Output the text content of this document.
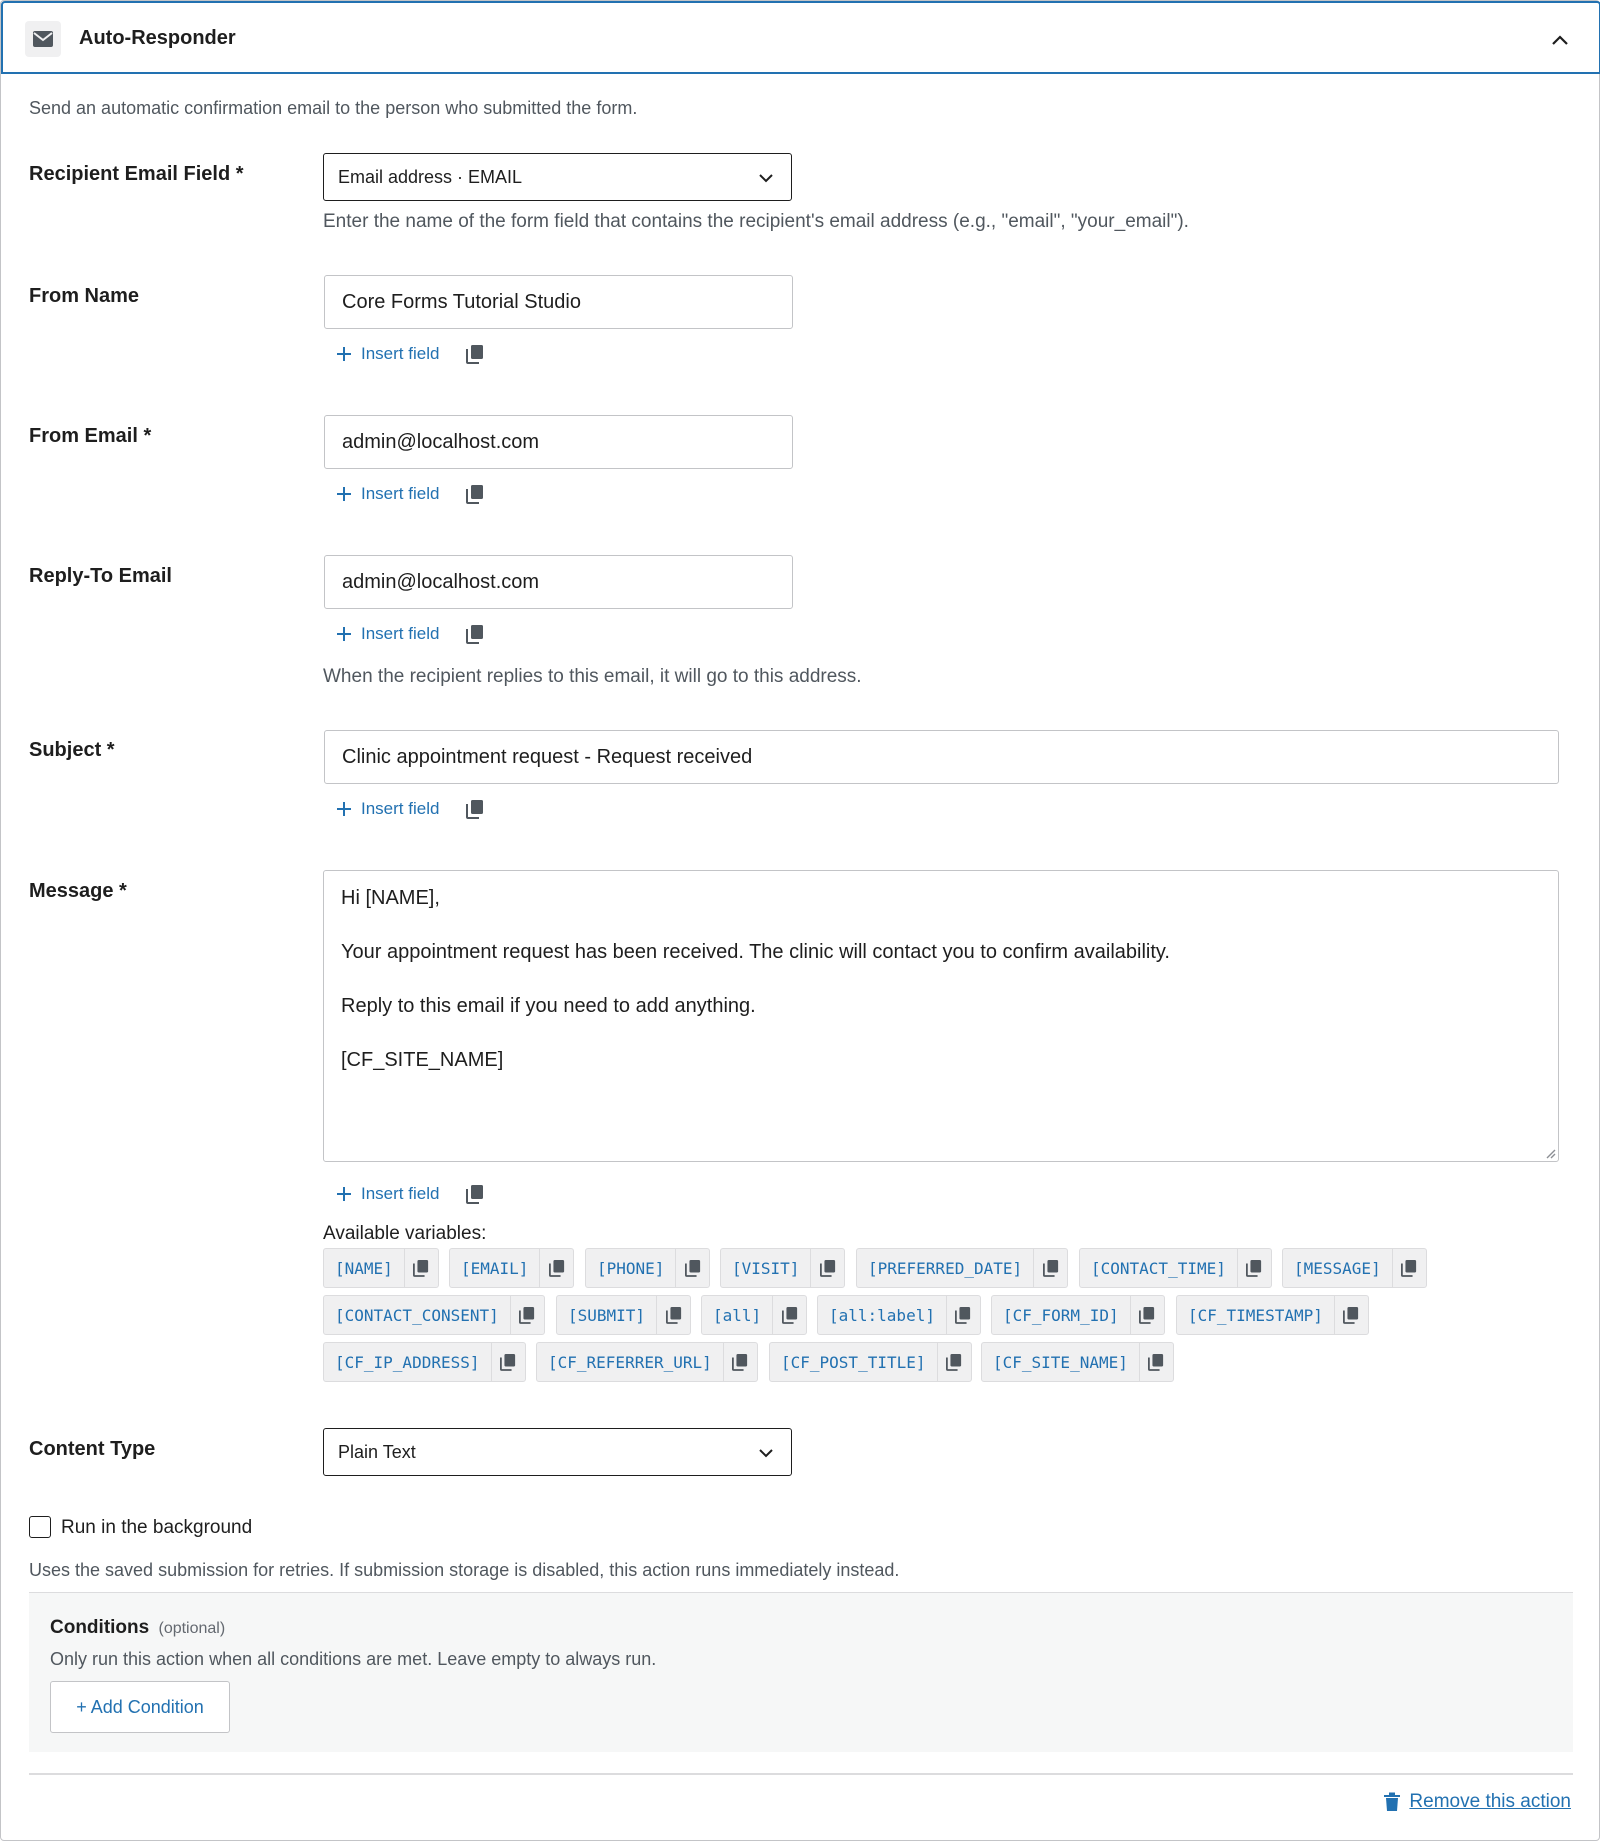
Auto-Responder
Send an automatic confirmation email to the person who submitted the form.
Recipient Email Field *	Email address · EMAIL
Enter the name of the form field that contains the recipient's email address (e.g., "email", "your_email").
From Name	Core Forms Tutorial Studio
Insert field
From Email *	admin@localhost.com
Insert field
Reply-To Email	admin@localhost.com
Insert field
When the recipient replies to this email, it will go to this address.
Subject *	Clinic appointment request - Request received
Insert field
Message *	Hi [NAME],

Your appointment request has been received. The clinic will contact you to confirm availability.

Reply to this email if you need to add anything.

[CF_SITE_NAME]

Insert field
Available variables:
[NAME]	[EMAIL]	[PHONE]	[VISIT]	[PREFERRED_DATE]	[CONTACT_TIME]	[MESSAGE]
[CONTACT_CONSENT]	[SUBMIT]	[all]	[all:label]	[CF_FORM_ID]	[CF_TIMESTAMP]
[CF_IP_ADDRESS]	[CF_REFERRER_URL]	[CF_POST_TITLE]	[CF_SITE_NAME]
Content Type	Plain Text
Run in the background
Uses the saved submission for retries. If submission storage is disabled, this action runs immediately instead.
Conditions (optional)
Only run this action when all conditions are met. Leave empty to always run.
+ Add Condition
Remove this action
